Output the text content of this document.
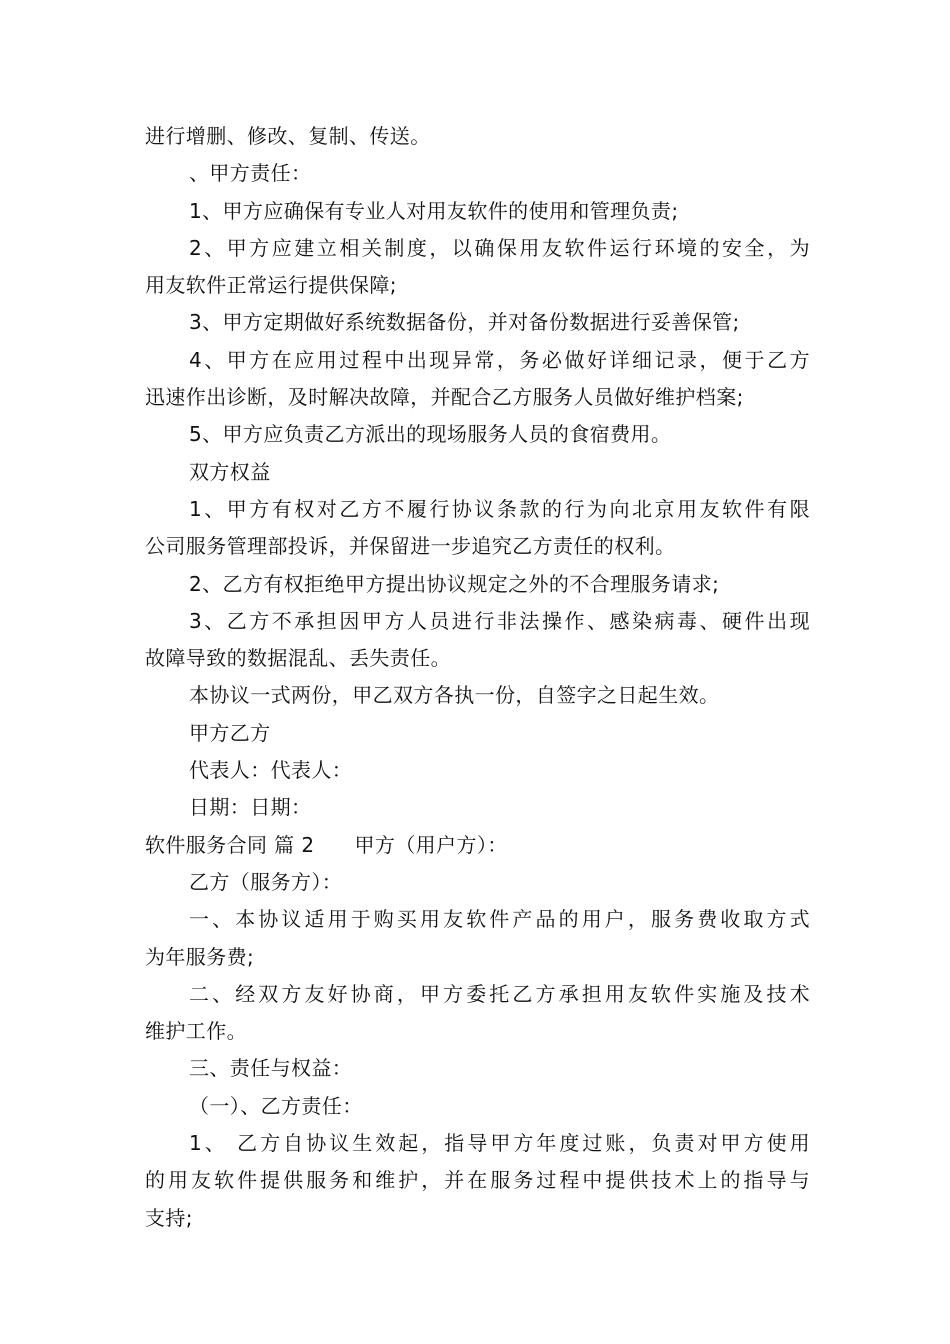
进行增删、修改、复制、传送。
、甲方责任：
1、甲方应确保有专业人对用友软件的使用和管理负责;
2、甲方应建立相关制度，以确保用友软件运行环境的安全，为
用友软件正常运行提供保障;
3、甲方定期做好系统数据备份，并对备份数据进行妥善保管;
4、甲方在应用过程中出现异常，务必做好详细记录，便于乙方
迅速作出诊断，及时解决故障，并配合乙方服务人员做好维护档案;
5、甲方应负责乙方派出的现场服务人员的食宿费用。
双方权益
1、甲方有权对乙方不履行协议条款的行为向北京用友软件有限
公司服务管理部投诉，并保留进一步追究乙方责任的权利。
2、乙方有权拒绝甲方提出协议规定之外的不合理服务请求;
3、乙方不承担因甲方人员进行非法操作、感染病毒、硬件出现
故障导致的数据混乱、丢失责任。
本协议一式两份，甲乙双方各执一份，自签字之日起生效。
甲方乙方
代表人：代表人：
日期：日期：
软件服务合同 篇 2 甲方（用户方）：
乙方（服务方）：
一、本协议适用于购买用友软件产品的用户，服务费收取方式
为年服务费;
二、经双方友好协商，甲方委托乙方承担用友软件实施及技术
维护工作。
三、责任与权益：
（一）、乙方责任：
1、 乙方自协议生效起，指导甲方年度过账，负责对甲方使用
的用友软件提供服务和维护，并在服务过程中提供技术上的指导与
支持;
